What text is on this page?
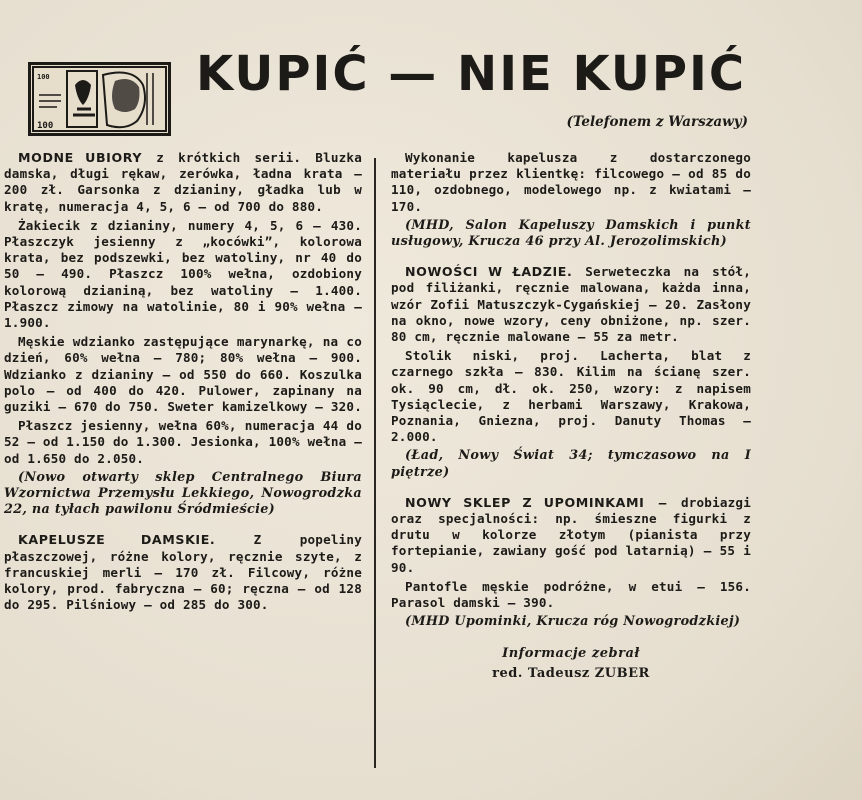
100
100
KUPIĆ — NIE KUPIĆ
(Telefonem z Warszawy)

MODNE UBIORY z krótkich serii. Bluzka damska, długi rękaw, zerówka, ładna krata — 200 zł. Garsonka z dzianiny, gładka lub w kratę, numeracja 4, 5, 6 — od 700 do 880.

Żakiecik z dzianiny, numery 4, 5, 6 — 430. Płaszczyk jesienny z „kocówki”, kolorowa krata, bez podszewki, bez watoliny, nr 40 do 50 — 490. Płaszcz 100% wełna, ozdobiony kolorową dzianiną, bez watoliny — 1.400. Płaszcz zimowy na watolinie, 80 i 90% wełna — 1.900.

Męskie wdzianko zastępujące marynarkę, na co dzień, 60% wełna — 780; 80% wełna — 900. Wdzianko z dzianiny — od 550 do 660. Koszulka polo — od 400 do 420. Pulower, zapinany na guziki — 670 do 750. Sweter kamizelkowy — 320.

Płaszcz jesienny, wełna 60%, numeracja 44 do 52 — od 1.150 do 1.300. Jesionka, 100% wełna — od 1.650 do 2.050.

(Nowo otwarty sklep Centralnego Biura Wzornictwa Przemysłu Lekkiego, Nowogrodzka 22, na tyłach pawilonu Śródmieście)

KAPELUSZE DAMSKIE. Z popeliny płaszczowej, różne kolory, ręcznie szyte, z francuskiej merli — 170 zł. Filcowy, różne kolory, prod. fabryczna — 60; ręczna — od 128 do 295. Pilśniowy — od 285 do 300.

Wykonanie kapelusza z dostarczonego materiału przez klientkę: filcowego — od 85 do 110, ozdobnego, modelowego np. z kwiatami — 170.

(MHD, Salon Kapeluszy Damskich i punkt usługowy, Krucza 46 przy Al. Jerozolimskich)

NOWOŚCI W ŁADZIE. Serweteczka na stół, pod filiżanki, ręcznie malowana, każda inna, wzór Zofii Matuszczyk-Cygańskiej — 20. Zasłony na okno, nowe wzory, ceny obniżone, np. szer. 80 cm, ręcznie malowane — 55 za metr.

Stolik niski, proj. Lacherta, blat z czarnego szkła — 830. Kilim na ścianę szer. ok. 90 cm, dł. ok. 250, wzory: z napisem Tysiąclecie, z herbami Warszawy, Krakowa, Poznania, Gniezna, proj. Danuty Thomas — 2.000.

(Ład, Nowy Świat 34; tymczasowo na I piętrze)

NOWY SKLEP Z UPOMINKAMI — drobiazgi oraz specjalności: np. śmieszne figurki z drutu w kolorze złotym (pianista przy fortepianie, zawiany gość pod latarnią) — 55 i 90.

Pantofle męskie podróżne, w etui — 156. Parasol damski — 390.

(MHD Upominki, Krucza róg Nowogrodzkiej)

Informacje zebrał
red. Tadeusz ZUBER
